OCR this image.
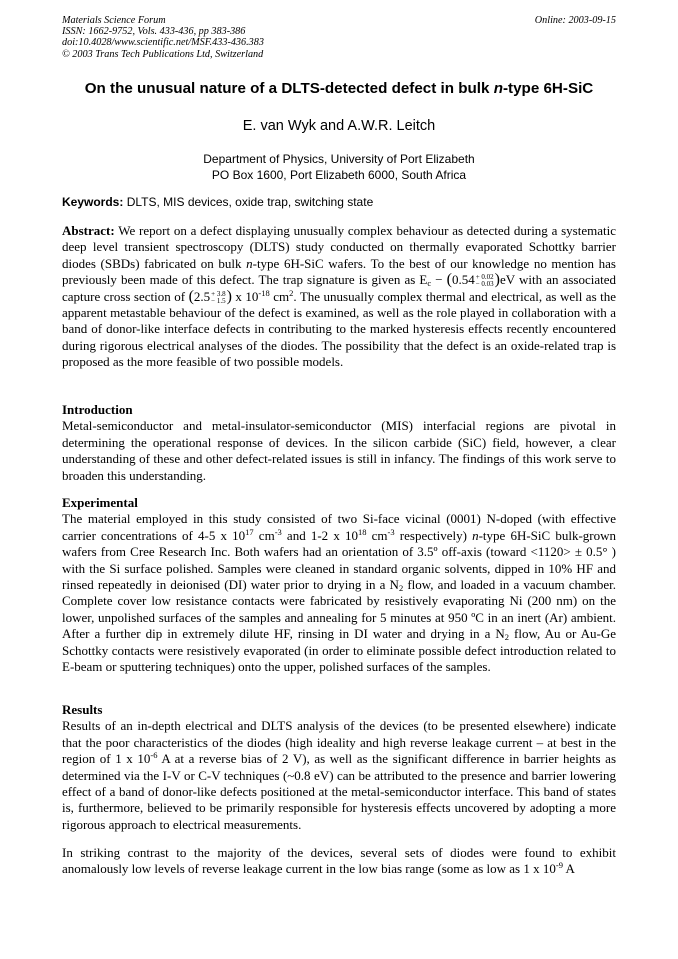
Materials Science Forum
ISSN: 1662-9752, Vols. 433-436, pp 383-386
doi:10.4028/www.scientific.net/MSF.433-436.383
© 2003 Trans Tech Publications Ltd, Switzerland
Online: 2003-09-15
On the unusual nature of a DLTS-detected defect in bulk n-type 6H-SiC
E. van Wyk and A.W.R. Leitch
Department of Physics, University of Port Elizabeth
PO Box 1600, Port Elizabeth 6000, South Africa
Keywords: DLTS, MIS devices, oxide trap, switching state
Abstract: We report on a defect displaying unusually complex behaviour as detected during a systematic deep level transient spectroscopy (DLTS) study conducted on thermally evaporated Schottky barrier diodes (SBDs) fabricated on bulk n-type 6H-SiC wafers. To the best of our knowledge no mention has previously been made of this defect. The trap signature is given as $E_c - (0.54 + 0.02$
− 0.03 )eV with an associated capture cross section of (2.5 + 3.8
− 1.5 ) x $10^{-18}$ $cm^2$. The unusually complex thermal and electrical, as well as the apparent metastable behaviour of the defect is examined, as well as the role played in collaboration with a band of donor-like interface defects in contributing to the marked hysteresis effects recently encountered during rigorous electrical analyses of the diodes. The possibility that the defect is an oxide-related trap is proposed as the more feasible of two possible models.
Introduction
Metal-semiconductor and metal-insulator-semiconductor (MIS) interfacial regions are pivotal in determining the operational response of devices. In the silicon carbide (SiC) field, however, a clear understanding of these and other defect-related issues is still in infancy. The findings of this work serve to broaden this understanding.
Experimental
The material employed in this study consisted of two Si-face vicinal (0001) N-doped (with effective carrier concentrations of 4-5 x $10^{17}$ $cm^{-3}$ and 1-2 x $10^{18}$ $cm^{-3}$ respectively) n-type 6H-SiC bulk-grown wafers from Cree Research Inc. Both wafers had an orientation of 3.5º off-axis (toward <1120> ± 0.5° ) with the Si surface polished. Samples were cleaned in standard organic solvents, dipped in 10% HF and rinsed repeatedly in deionised (DI) water prior to drying in a $N_2$ flow, and loaded in a vacuum chamber. Complete cover low resistance contacts were fabricated by resistively evaporating Ni (200 nm) on the lower, unpolished surfaces of the samples and annealing for 5 minutes at 950 ºC in an inert (Ar) ambient. After a further dip in extremely dilute HF, rinsing in DI water and drying in a $N_2$ flow, Au or Au-Ge Schottky contacts were resistively evaporated (in order to eliminate possible defect introduction related to E-beam or sputtering techniques) onto the upper, polished surfaces of the samples.
Results
Results of an in-depth electrical and DLTS analysis of the devices (to be presented elsewhere) indicate that the poor characteristics of the diodes (high ideality and high reverse leakage current – at best in the region of 1 x $10^{-6}$ A at a reverse bias of 2 V), as well as the significant difference in barrier heights as determined via the I-V or C-V techniques (~0.8 eV) can be attributed to the presence and barrier lowering effect of a band of donor-like defects positioned at the metal-semiconductor interface. This band of states is, furthermore, believed to be primarily responsible for hysteresis effects uncovered by adopting a more rigorous approach to electrical measurements.
In striking contrast to the majority of the devices, several sets of diodes were found to exhibit anomalously low levels of reverse leakage current in the low bias range (some as low as 1 x $10^{-9}$ A
